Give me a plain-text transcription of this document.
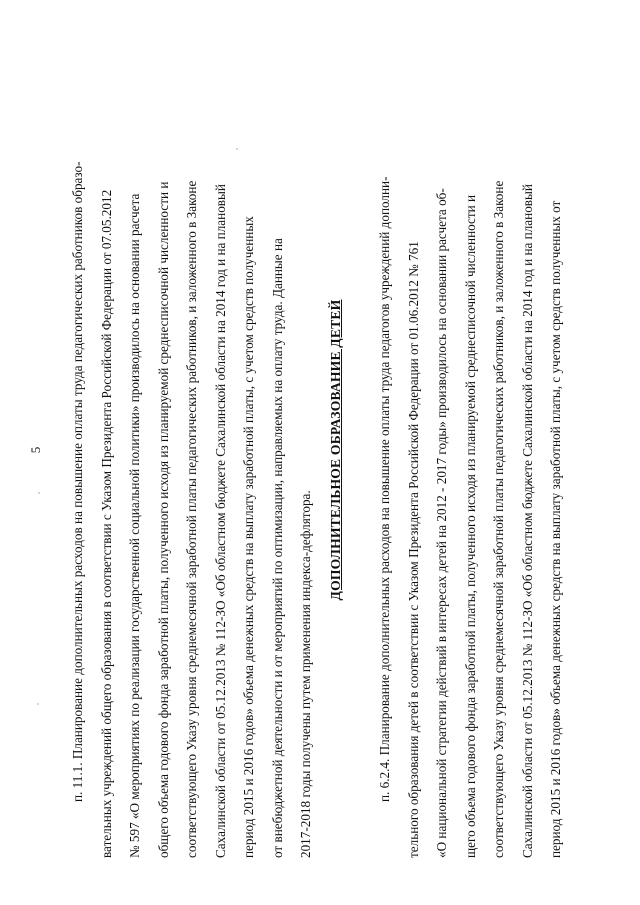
5	п. 11.1. Планирование дополнительных расходов на повышение оплаты труда педагогических работников образо-	вательных учреждений общего образования в соответствии с Указом Президента Российской Федерации от 07.05.2012	№ 597 «О мероприятиях по реализации государственной социальной политики» производилось на основании расчета	общего объема годового фонда заработной платы, полученного исходя из планируемой среднесписочной численности и	соответствующего Указу уровня среднемесячной заработной платы педагогических работников, и заложенного в Законе	Сахалинской области от 05.12.2013 № 112-ЗО «Об областном бюджете Сахалинской области на 2014 год и на плановый	период 2015 и 2016 годов» объема денежных средств на выплату заработной платы, с учетом средств полученных	от внебюджетной деятельности и от мероприятий по оптимизации, направляемых на оплату труда. Данные на	2017-2018 годы получены путем применения индекса-дефлятора.
ДОПОЛНИТЕЛЬНОЕ ОБРАЗОВАНИЕ ДЕТЕЙ	п. 6.2.4. Планирование дополнительных расходов на повышение оплаты труда педагогов учреждений дополни-	тельного образования детей в соответствии с Указом Президента Российской Федерации от 01.06.2012 № 761	«О национальной стратегии действий в интересах детей на 2012 - 2017 годы» производилось на основании расчета об-	щего объема годового фонда заработной платы, полученного исходя из планируемой среднесписочной численности и	соответствующего Указу уровня среднемесячной заработной платы педагогических работников, и заложенного в Законе	Сахалинской области от 05.12.2013 № 112-ЗО «Об областном бюджете Сахалинской области на 2014 год и на плановый	период 2015 и 2016 годов» объема денежных средств на выплату заработной платы, с учетом средств полученных от
